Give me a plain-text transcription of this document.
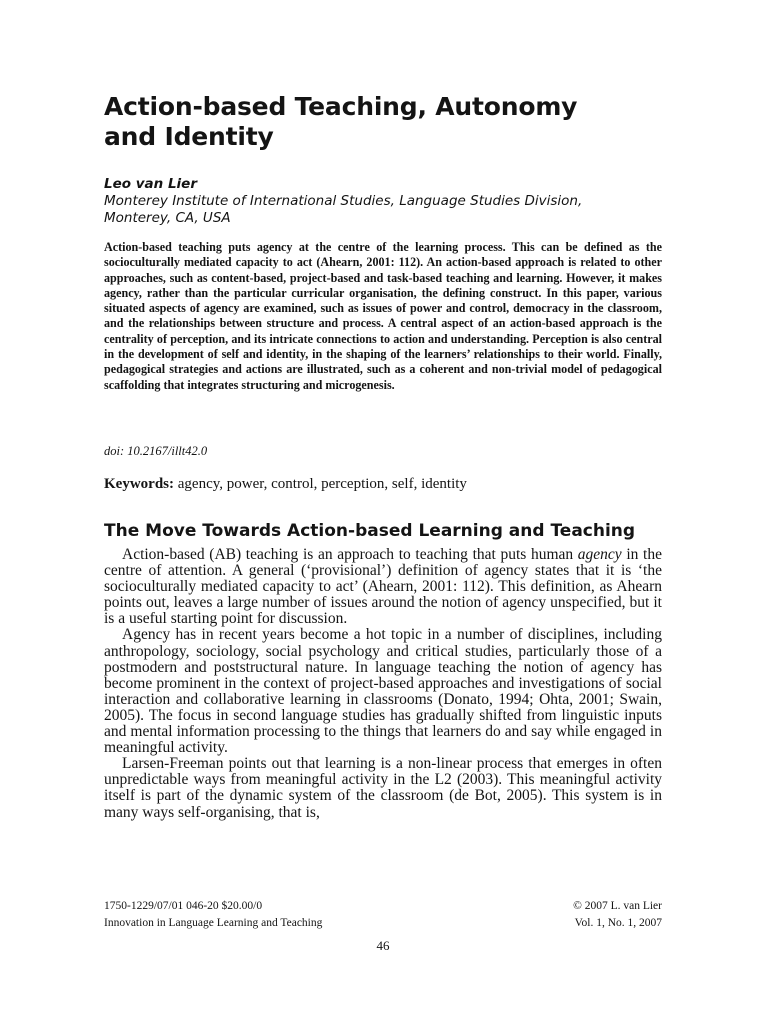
Action-based Teaching, Autonomy
and Identity
Leo van Lier
Monterey Institute of International Studies, Language Studies Division,
Monterey, CA, USA

Action-based teaching puts agency at the centre of the learning process. This can be defined as the socioculturally mediated capacity to act (Ahearn, 2001: 112). An action-based approach is related to other approaches, such as content-based, project-based and task-based teaching and learning. However, it makes agency, rather than the particular curricular organisation, the defining construct. In this paper, various situated aspects of agency are examined, such as issues of power and control, democracy in the classroom, and the relationships between structure and process. A central aspect of an action-based approach is the centrality of perception, and its intricate connections to action and understanding. Perception is also central in the development of self and identity, in the shaping of the learners’ relationships to their world. Finally, pedagogical strategies and actions are illustrated, such as a coherent and non-trivial model of pedagogical scaffolding that integrates structuring and microgenesis.

doi: 10.2167/illt42.0
Keywords: agency, power, control, perception, self, identity
The Move Towards Action-based Learning and Teaching

Action-based (AB) teaching is an approach to teaching that puts human agency in the centre of attention. A general (‘provisional’) definition of agency states that it is ‘the socioculturally mediated capacity to act’ (Ahearn, 2001: 112). This definition, as Ahearn points out, leaves a large number of issues around the notion of agency unspecified, but it is a useful starting point for discussion.

Agency has in recent years become a hot topic in a number of disciplines, including anthropology, sociology, social psychology and critical studies, particularly those of a postmodern and poststructural nature. In language teaching the notion of agency has become prominent in the context of project-based approaches and investigations of social interaction and collaborative learning in classrooms (Donato, 1994; Ohta, 2001; Swain, 2005). The focus in second language studies has gradually shifted from linguistic inputs and mental information processing to the things that learners do and say while engaged in meaningful activity.

Larsen-Freeman points out that learning is a non-linear process that emerges in often unpredictable ways from meaningful activity in the L2 (2003). This meaningful activity itself is part of the dynamic system of the classroom (de Bot, 2005). This system is in many ways self-organising, that is,

1750-1229/07/01 046-20 $20.00/0
Innovation in Language Learning and Teaching
© 2007 L. van Lier
Vol. 1, No. 1, 2007
46
